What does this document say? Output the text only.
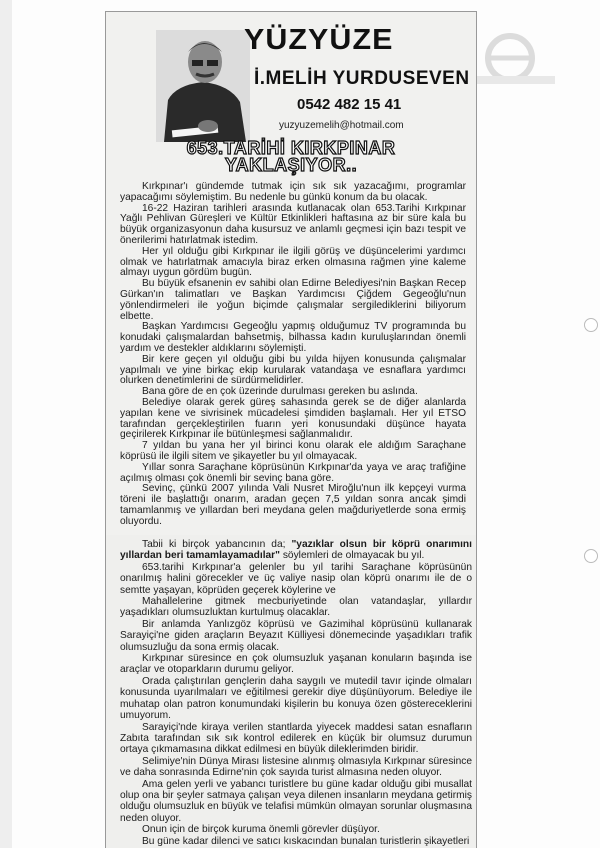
YÜZYÜZE
İ.MELİH YURDUSEVEN
0542 482 15 41
yuzyuzemelih@hotmail.com
653.TARİHİ KIRKPINAR
YAKLAŞIYOR..

Kırkpınar'ı gündemde tutmak için sık sık yazacağımı, programlar yapacağımı söylemiştim. Bu nedenle bu günkü konum da bu olacak.

16-22 Haziran tarihleri arasında kutlanacak olan 653.Tarihi Kırkpınar Yağlı Pehlivan Güreşleri ve Kültür Etkinlikleri haftasına az bir süre kala bu büyük organizasyonun daha kusursuz ve anlamlı geçmesi için bazı tespit ve önerilerimi hatırlatmak istedim.

Her yıl olduğu gibi Kırkpınar ile ilgili görüş ve düşüncelerimi yardımcı olmak ve hatırlatmak amacıyla biraz erken olmasına rağmen yine kaleme almayı uygun gördüm bugün.

Bu büyük efsanenin ev sahibi olan Edirne Belediyesi'nin Başkan Recep Gürkan'ın talimatları ve Başkan Yardımcısı Çiğdem Gegeoğlu'nun yönlendirmeleri ile yoğun biçimde çalışmalar sergilediklerini biliyorum elbette.

Başkan Yardımcısı Gegeoğlu yapmış olduğumuz TV programında bu konudaki çalışmalardan bahsetmiş, bilhassa kadın kuruluşlarından önemli yardım ve destekler aldıklarını söylemişti.

Bir kere geçen yıl olduğu gibi bu yılda hijyen konusunda çalışmalar yapılmalı ve yine birkaç ekip kurularak vatandaşa ve esnaflara yardımcı olurken denetimlerini de sürdürmelidirler.

Bana göre de en çok üzerinde durulması gereken bu aslında.

Belediye olarak gerek güreş sahasında gerek se de diğer alanlarda yapılan kene ve sivrisinek mücadelesi şimdiden başlamalı. Her yıl ETSO tarafından gerçekleştirilen fuarın yeri konusundaki düşünce hayata geçirilerek Kırkpınar ile bütünleşmesi sağlanmalıdır.

7 yıldan bu yana her yıl birinci konu olarak ele aldığım Saraçhane köprüsü ile ilgili sitem ve şikayetler bu yıl olmayacak.

Yıllar sonra Saraçhane köprüsünün Kırkpınar'da yaya ve araç trafiğine açılmış olması çok önemli bir sevinç bana göre.

Sevinç, çünkü 2007 yılında Vali Nusret Miroğlu'nun ilk kepçeyi vurma töreni ile başlattığı onarım, aradan geçen 7,5 yıldan sonra ancak şimdi tamamlanmış ve yıllardan beri meydana gelen mağduriyetlerde sona ermiş oluyordu.

Tabii ki birçok yabancının da; "yazıklar olsun bir köprü onarımını yıllardan beri tamamlayamadılar" söylemleri de olmayacak bu yıl.

653.tarihi Kırkpınar'a gelenler bu yıl tarihi Saraçhane köprüsünün onarılmış halini görecekler ve üç valiye nasip olan köprü onarımı ile de o semtte yaşayan, köprüden geçerek köylerine ve

Mahallelerine gitmek mecburiyetinde olan vatandaşlar, yıllardır yaşadıkları olumsuzluktan kurtulmuş olacaklar.

Bir anlamda Yanlızgöz köprüsü ve Gazimihal köprüsünü kullanarak Sarayiçi'ne giden araçların Beyazıt Külliyesi dönemecinde yaşadıkları trafik olumsuzluğu da sona ermiş olacak.

Kırkpınar süresince en çok olumsuzluk yaşanan konuların başında ise araçlar ve otoparkların durumu geliyor.

Orada çalıştırılan gençlerin daha saygılı ve mutedil tavır içinde olmaları konusunda uyarılmaları ve eğitilmesi gerekir diye düşünüyorum. Belediye ile muhatap olan patron konumundaki kişilerin bu konuya özen göstereceklerini umuyorum.

Sarayiçi'nde kiraya verilen stantlarda yiyecek maddesi satan esnafların Zabıta tarafından sık sık kontrol edilerek en küçük bir olumsuz durumun ortaya çıkmamasına dikkat edilmesi en büyük dileklerimden biridir.

Selimiye'nin Dünya Mirası listesine alınmış olmasıyla Kırkpınar süresince ve daha sonrasında Edirne'nin çok sayıda turist almasına neden oluyor.

Ama gelen yerli ve yabancı turistlere bu güne kadar olduğu gibi musallat olup ona bir şeyler satmaya çalışan veya dilenen insanların meydana getirmiş olduğu olumsuzluk en büyük ve telafisi mümkün olmayan sorunlar oluşmasına neden oluyor.

Onun için de birçok kuruma önemli görevler düşüyor.

Bu güne kadar dilenci ve satıcı kıskacından bunalan turistlerin şikayetleri
